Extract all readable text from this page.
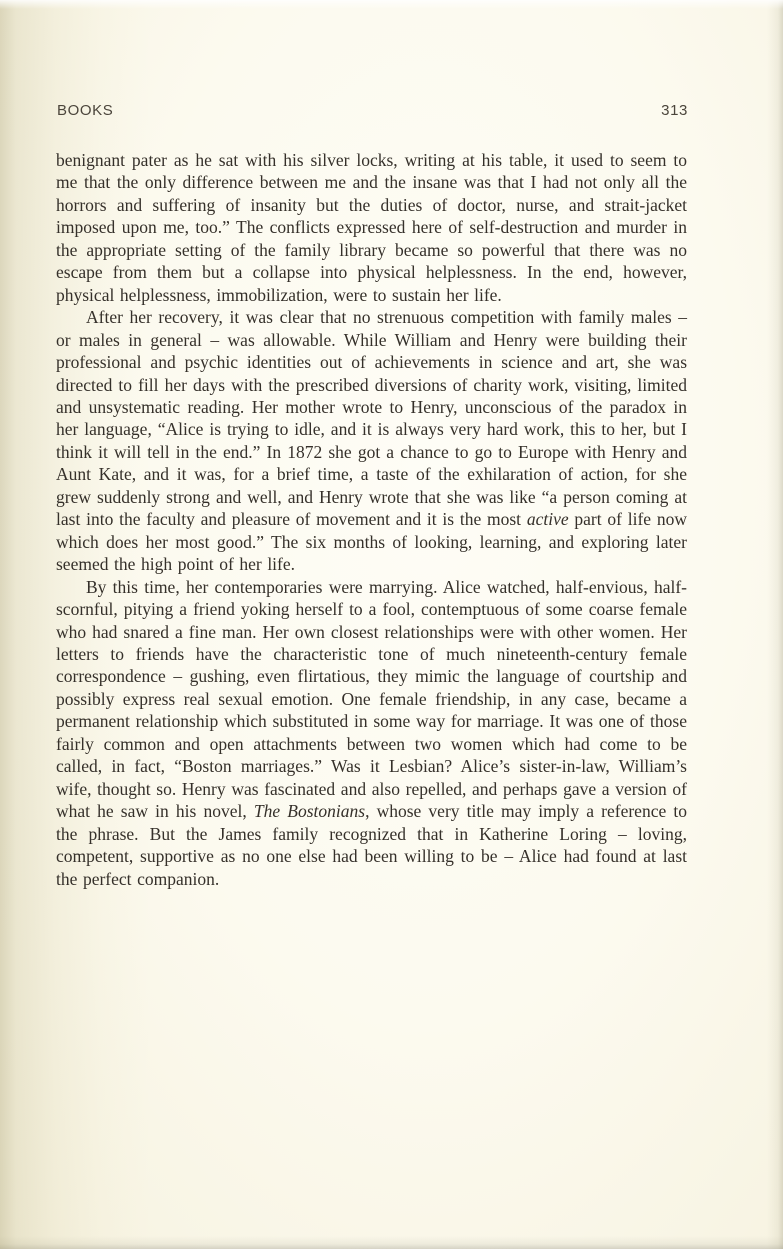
BOOKS	313

benignant pater as he sat with his silver locks, writing at his table, it used to seem to me that the only difference between me and the insane was that I had not only all the horrors and suffering of insanity but the duties of doctor, nurse, and strait-jacket imposed upon me, too.” The conflicts expressed here of self-destruction and murder in the appropriate setting of the family library became so powerful that there was no escape from them but a collapse into physical helplessness. In the end, however, physical helplessness, immobilization, were to sustain her life.

After her recovery, it was clear that no strenuous competition with family males – or males in general – was allowable. While William and Henry were building their professional and psychic identities out of achievements in science and art, she was directed to fill her days with the prescribed diversions of charity work, visiting, limited and unsystematic reading. Her mother wrote to Henry, unconscious of the paradox in her language, “Alice is trying to idle, and it is always very hard work, this to her, but I think it will tell in the end.” In 1872 she got a chance to go to Europe with Henry and Aunt Kate, and it was, for a brief time, a taste of the exhilaration of action, for she grew suddenly strong and well, and Henry wrote that she was like “a person coming at last into the faculty and pleasure of movement and it is the most active part of life now which does her most good.” The six months of looking, learning, and exploring later seemed the high point of her life.

By this time, her contemporaries were marrying. Alice watched, half-envious, half-scornful, pitying a friend yoking herself to a fool, contemptuous of some coarse female who had snared a fine man. Her own closest relationships were with other women. Her letters to friends have the characteristic tone of much nineteenth-century female correspondence – gushing, even flirtatious, they mimic the language of courtship and possibly express real sexual emotion. One female friendship, in any case, became a permanent relationship which substituted in some way for marriage. It was one of those fairly common and open attachments between two women which had come to be called, in fact, “Boston marriages.” Was it Lesbian? Alice’s sister-in-law, William’s wife, thought so. Henry was fascinated and also repelled, and perhaps gave a version of what he saw in his novel, The Bostonians, whose very title may imply a reference to the phrase. But the James family recognized that in Katherine Loring – loving, competent, supportive as no one else had been willing to be – Alice had found at last the perfect companion.
